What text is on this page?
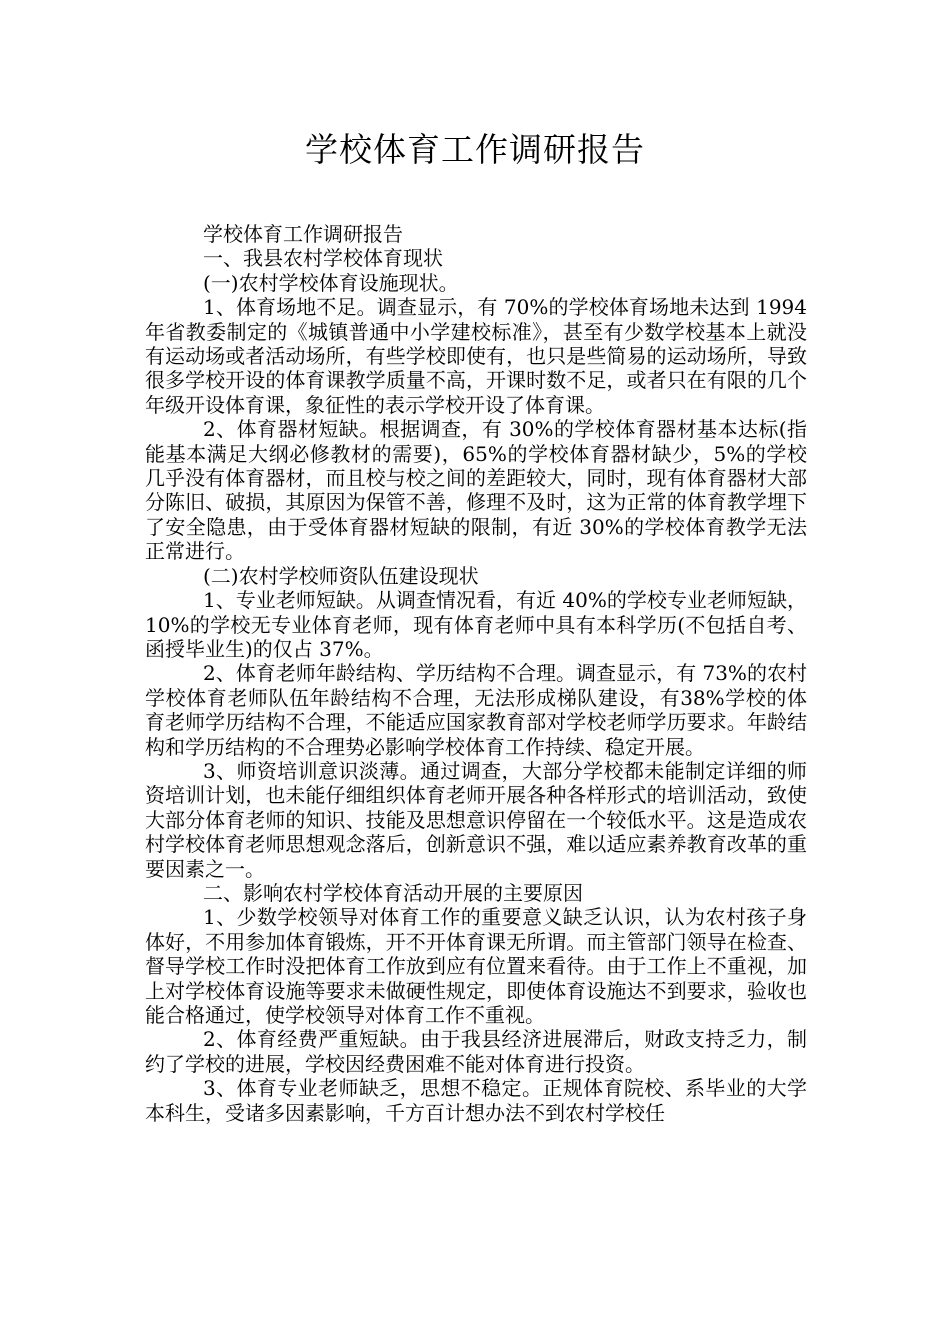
学校体育工作调研报告

学校体育工作调研报告

一、我县农村学校体育现状

(一)农村学校体育设施现状。

1、体育场地不足。调查显示，有 70%的学校体育场地未达到 1994 年省教委制定的《城镇普通中小学建校标准》，甚至有少数学校基本上就没有运动场或者活动场所，有些学校即使有，也只是些简易的运动场所，导致很多学校开设的体育课教学质量不高，开课时数不足，或者只在有限的几个年级开设体育课，象征性的表示学校开设了体育课。

2、体育器材短缺。根据调查，有 30%的学校体育器材基本达标(指能基本满足大纲必修教材的需要)，65%的学校体育器材缺少，5%的学校几乎没有体育器材，而且校与校之间的差距较大，同时，现有体育器材大部分陈旧、破损，其原因为保管不善，修理不及时，这为正常的体育教学埋下了安全隐患，由于受体育器材短缺的限制，有近 30%的学校体育教学无法正常进行。

(二)农村学校师资队伍建设现状

1、专业老师短缺。从调查情况看，有近 40%的学校专业老师短缺，10%的学校无专业体育老师，现有体育老师中具有本科学历(不包括自考、函授毕业生)的仅占 37%。

2、体育老师年龄结构、学历结构不合理。调查显示，有 73%的农村学校体育老师队伍年龄结构不合理，无法形成梯队建设，有38%学校的体育老师学历结构不合理，不能适应国家教育部对学校老师学历要求。年龄结构和学历结构的不合理势必影响学校体育工作持续、稳定开展。

3、师资培训意识淡薄。通过调查，大部分学校都未能制定详细的师资培训计划，也未能仔细组织体育老师开展各种各样形式的培训活动，致使大部分体育老师的知识、技能及思想意识停留在一个较低水平。这是造成农村学校体育老师思想观念落后，创新意识不强，难以适应素养教育改革的重要因素之一。

二、影响农村学校体育活动开展的主要原因

1、少数学校领导对体育工作的重要意义缺乏认识，认为农村孩子身体好，不用参加体育锻炼，开不开体育课无所谓。而主管部门领导在检查、督导学校工作时没把体育工作放到应有位置来看待。由于工作上不重视，加上对学校体育设施等要求未做硬性规定，即使体育设施达不到要求，验收也能合格通过，使学校领导对体育工作不重视。

2、体育经费严重短缺。由于我县经济进展滞后，财政支持乏力，制约了学校的进展，学校因经费困难不能对体育进行投资。

3、体育专业老师缺乏，思想不稳定。正规体育院校、系毕业的大学本科生，受诸多因素影响，千方百计想办法不到农村学校任
